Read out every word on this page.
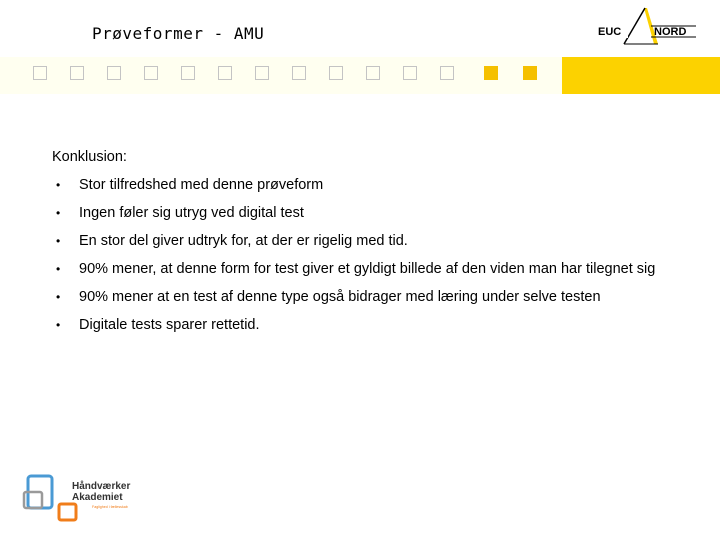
Prøveformer - AMU	EUC	NORD

Konklusion:

• Stor tilfredshed med denne prøveform
• Ingen føler sig utryg ved digital test
• En stor del giver udtryk for, at der er rigelig med tid.
• 90% mener, at denne form for test giver et gyldigt billede af den viden man har tilegnet sig
• 90% mener at en test af denne type også bidrager med læring under selve testen
• Digitale tests sparer rettetid.
Håndværker
Akademiet
Faglighed i fællesskab
